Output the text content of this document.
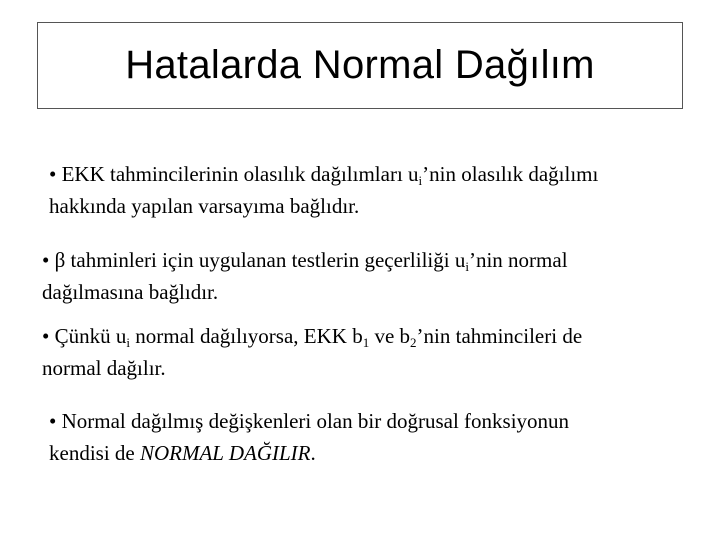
Hatalarda Normal Dağılım
• EKK tahmincilerinin olasılık dağılımları $u_i’nin$ olasılık dağılımı
hakkında yapılan varsayıma bağlıdır.
• β tahminleri için uygulanan testlerin geçerliliği $u_i’nin$ normal
dağılmasına bağlıdır.
• Çünkü $u_i$ normal dağılıyorsa, EKK $b_1$ ve $b_2’nin$ tahmincileri de
normal dağılır.
• Normal dağılmış değişkenleri olan bir doğrusal fonksiyonun
kendisi de NORMAL DAĞILIR.
